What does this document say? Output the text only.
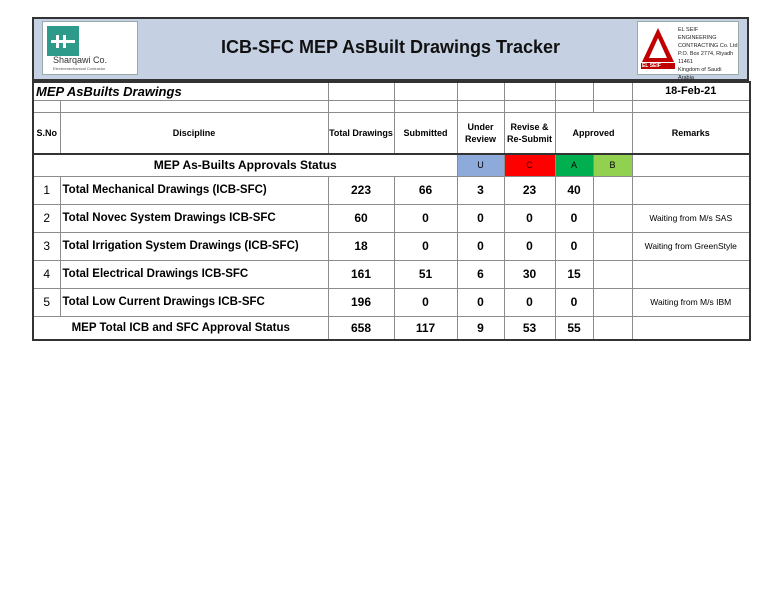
Sharqawi Co.
Electromechanical Contractor
ICB-SFC MEP AsBuilt Drawings Tracker
EL SEIF
EL SEIF ENGINEERING
CONTRACTING Co. Ltd
P.O. Box 2774, Riyadh 11461
Kingdom of Saudi Arabia
MEP AsBuilts Drawings								18-Feb-21

S.No	Discipline	Total Drawings	Submitted	Under Review	Revise & Re-Submit	Approved		Remarks
MEP As-Builts Approvals Status				U	C	A	B	
1	Total Mechanical Drawings (ICB-SFC)	223	66	3	23	40		
2	Total Novec System Drawings ICB-SFC	60	0	0	0	0		Waiting from M/s SAS
3	Total Irrigation System Drawings (ICB-SFC)	18	0	0	0	0		Waiting from GreenStyle
4	Total Electrical Drawings ICB-SFC	161	51	6	30	15		
5	Total Low Current Drawings ICB-SFC	196	0	0	0	0		Waiting from M/s IBM
MEP Total ICB and SFC Approval Status		658	117	9	53	55		
